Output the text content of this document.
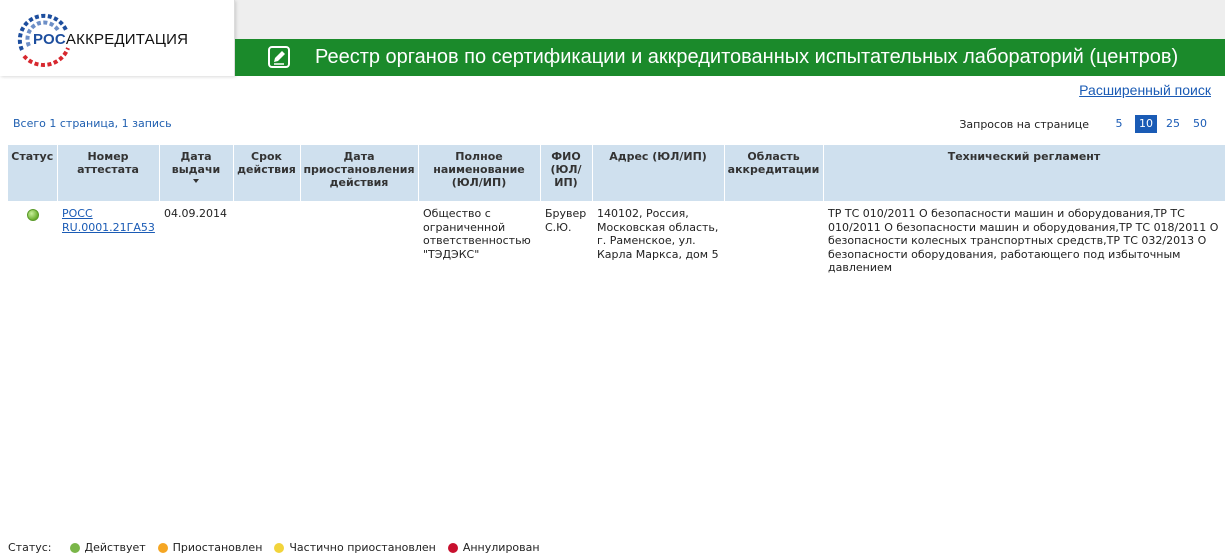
РОСАККРЕДИТАЦИЯ
Реестр органов по сертификации и аккредитованных испытательных лабораторий (центров)
Расширенный поиск
Всего 1 страница, 1 запись	Запросов на странице	5	10	25	50
Статус	Номер аттестата	Дата выдачи	Срок действия	Дата приостановления действия	Полное наименование (ЮЛ/ИП)	ФИО (ЮЛ/ИП)	Адрес (ЮЛ/ИП)	Область аккредитации	Технический регламент
	РОСС RU.0001.21ГА53	04.09.2014			Общество с ограниченной ответственностью "ТЭДЭКС"	Брувер С.Ю.	140102, Россия, Московская область, г. Раменское, ул. Карла Маркса, дом 5		ТР ТС 010/2011 О безопасности машин и оборудования,ТР ТС 010/2011 О безопасности машин и оборудования,ТР ТС 018/2011 О безопасности колесных транспортных средств,ТР ТС 032/2013 О безопасности оборудования, работающего под избыточным давлением
Статус:	Действует Приостановлен Частично приостановлен Аннулирован
